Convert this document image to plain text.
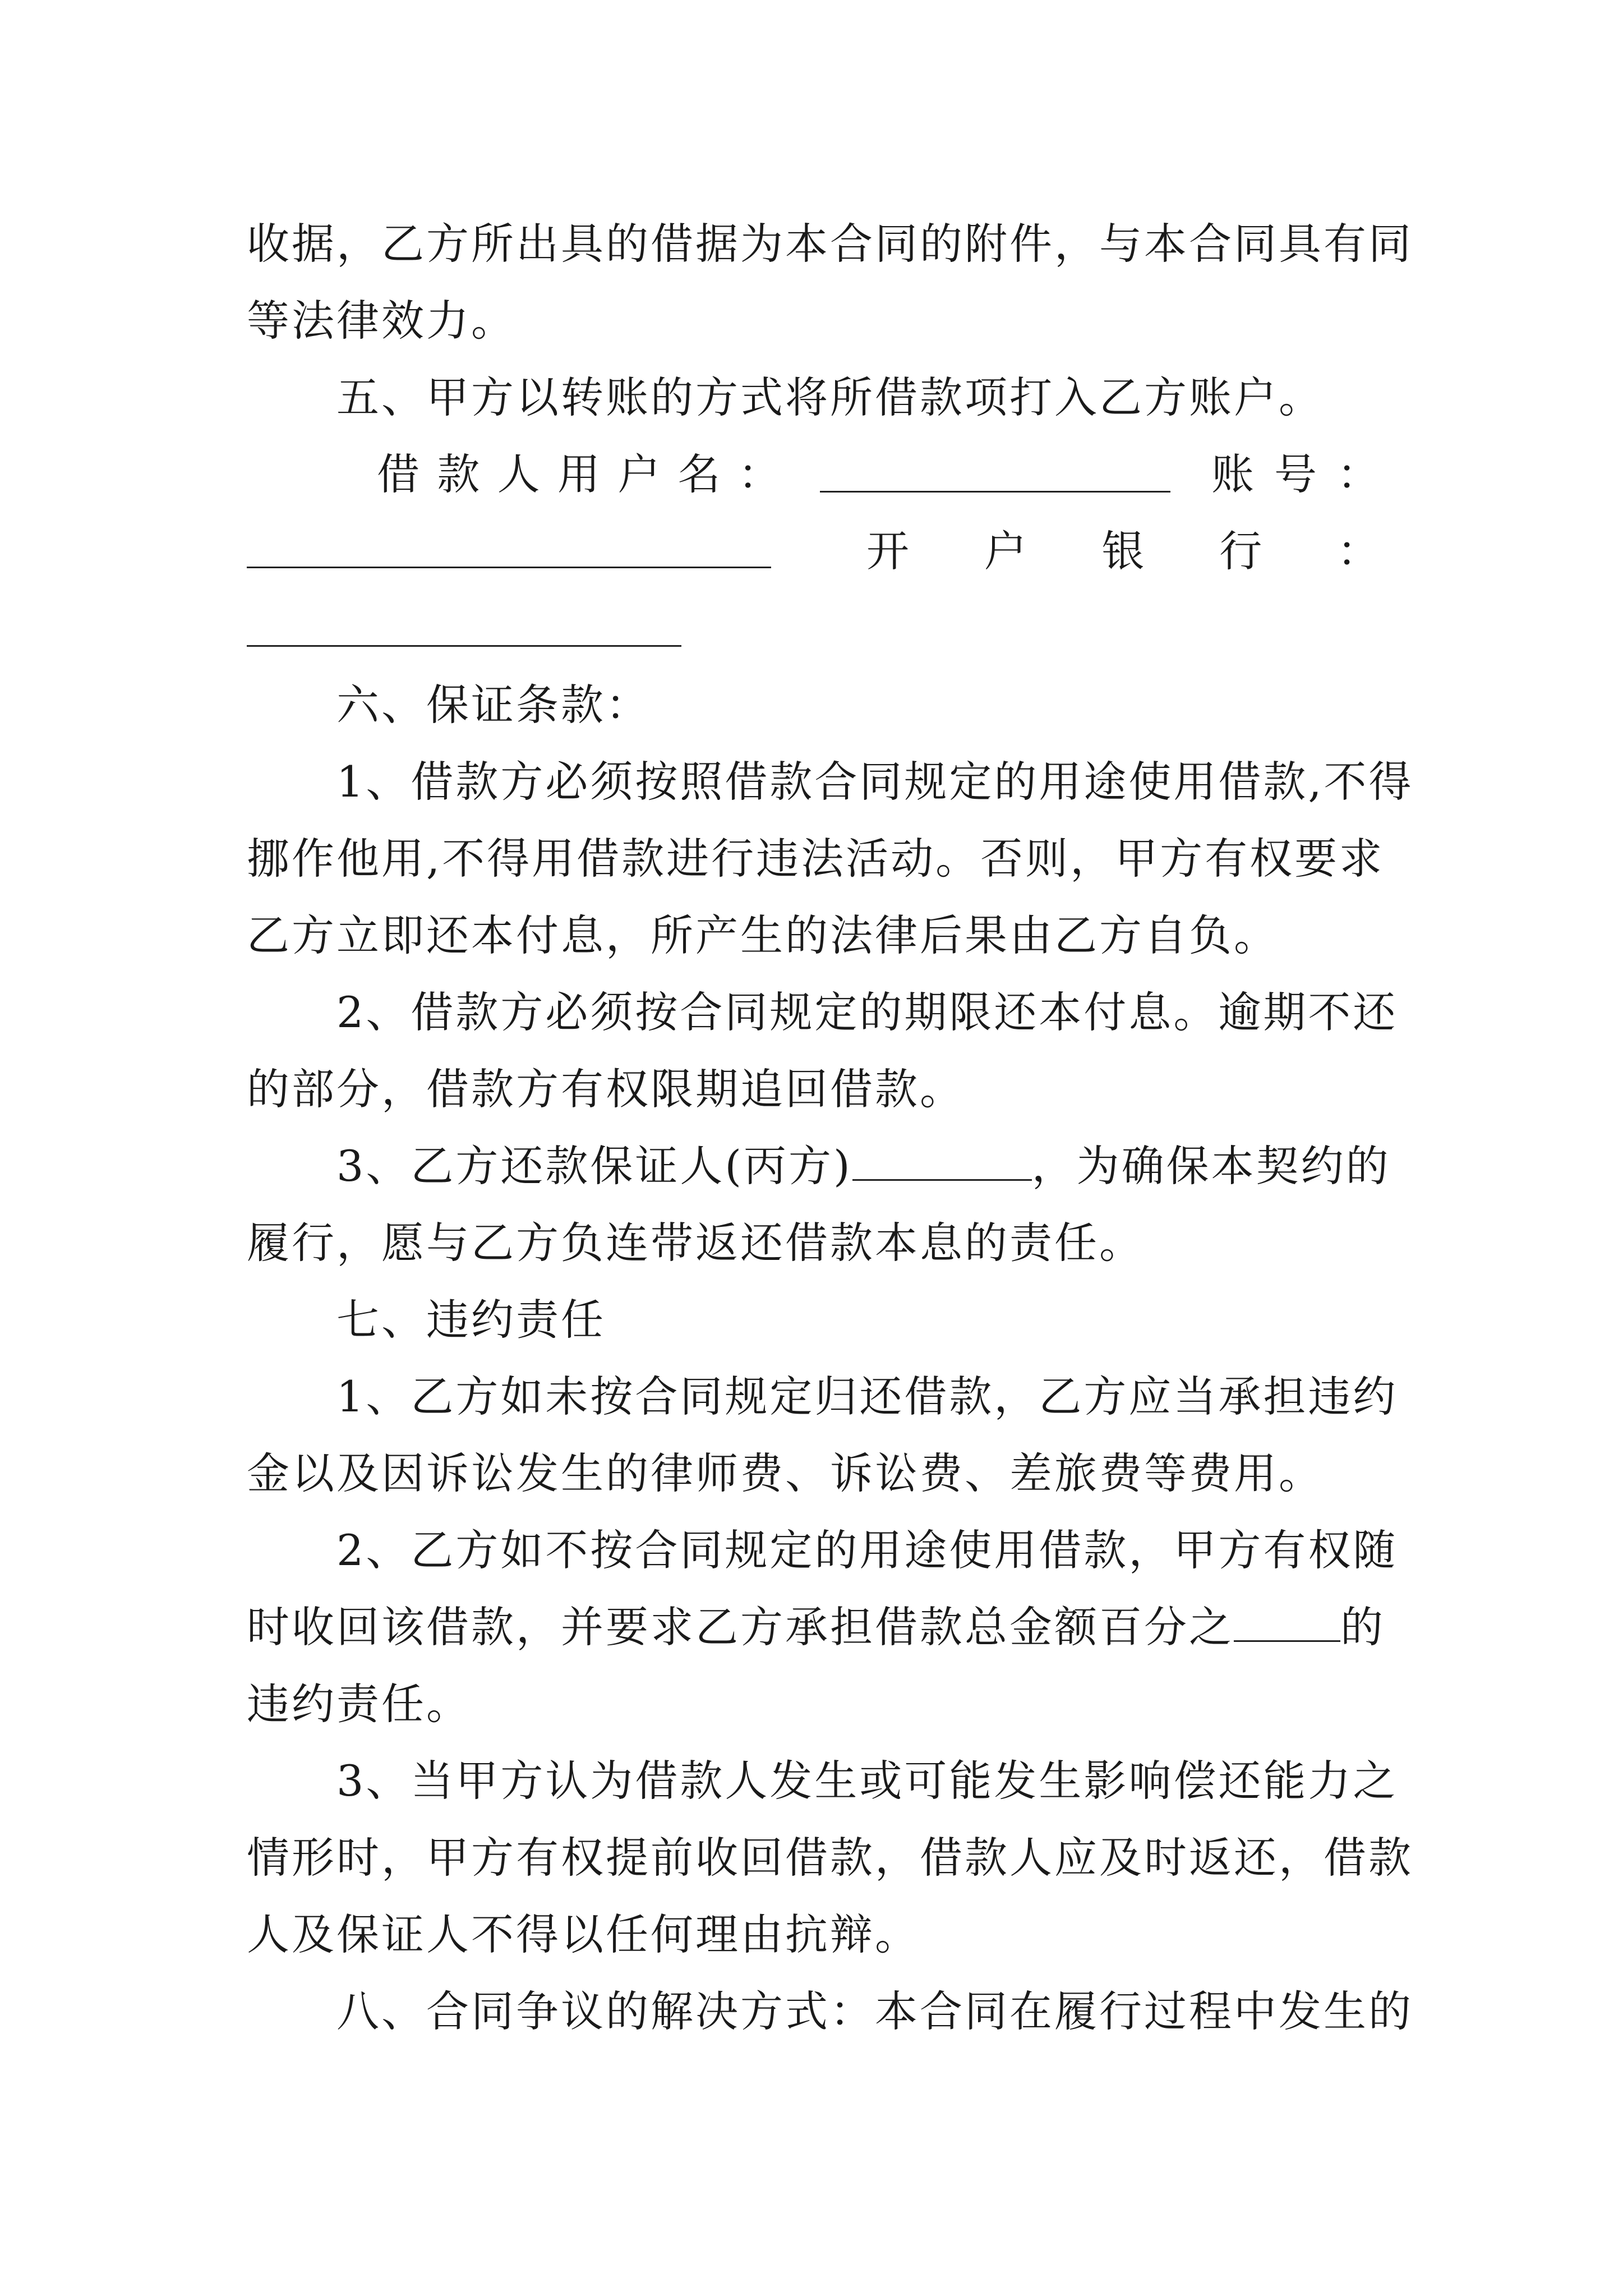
收据，乙方所出具的借据为本合同的附件，与本合同具有同

等法律效力。

五、甲方以转账的方式将所借款项打入乙方账户。

借 款 人 用 户 名 ：	账 号 ：
开 户 银 行 ：

六、保证条款：

1、借款方必须按照借款合同规定的用途使用借款,不得

挪作他用,不得用借款进行违法活动。否则，甲方有权要求

乙方立即还本付息，所产生的法律后果由乙方自负。

2、借款方必须按合同规定的期限还本付息。逾期不还

的部分，借款方有权限期追回借款。

3、乙方还款保证人(丙方)	，为确保本契约的

履行，愿与乙方负连带返还借款本息的责任。

七、违约责任

1、乙方如未按合同规定归还借款，乙方应当承担违约

金以及因诉讼发生的律师费、诉讼费、差旅费等费用。

2、乙方如不按合同规定的用途使用借款，甲方有权随

时收回该借款，并要求乙方承担借款总金额百分之	的

违约责任。

3、当甲方认为借款人发生或可能发生影响偿还能力之

情形时，甲方有权提前收回借款，借款人应及时返还，借款

人及保证人不得以任何理由抗辩。

八、合同争议的解决方式：本合同在履行过程中发生的
